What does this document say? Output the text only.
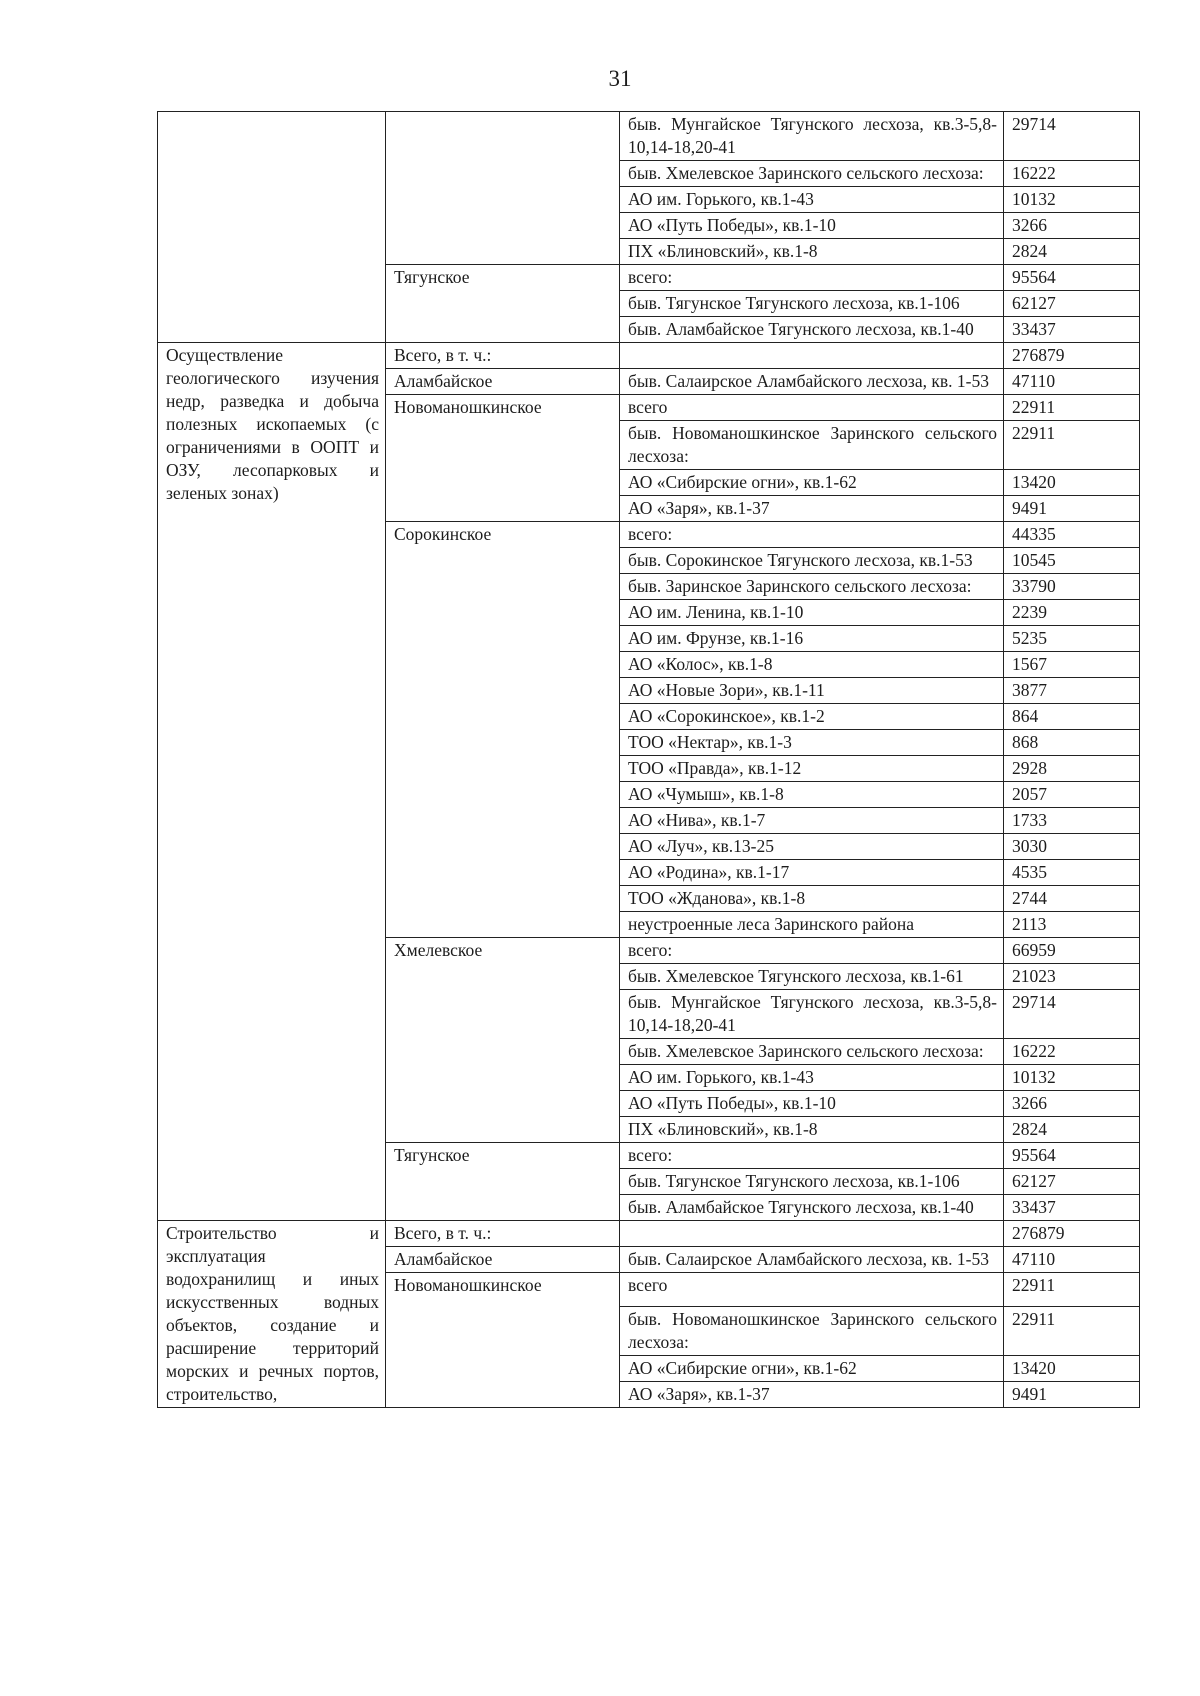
31
		быв. Мунгайское Тягунского лесхоза, кв.3-5,8-10,14-18,20-41	29714
		быв. Хмелевское Заринского сельского лесхоза:	16222
		АО им. Горького, кв.1-43	10132
		АО «Путь Победы», кв.1-10	3266
		ПХ «Блиновский», кв.1-8	2824
	Тягунское	всего:	95564
		быв. Тягунское Тягунского лесхоза, кв.1-106	62127
		быв. Аламбайское Тягунского лесхоза, кв.1-40	33437
Осуществление геологического изучения недр, разведка и добыча полезных ископаемых (с ограничениями в ООПТ и ОЗУ, лесопарковых и зеленых зонах)	Всего, в т. ч.:		276879
	Аламбайское	быв. Салаирское Аламбайского лесхоза, кв. 1-53	47110
	Новоманошкинское	всего	22911
		быв. Новоманошкинское Заринского сельского лесхоза:	22911
		АО «Сибирские огни», кв.1-62	13420
		АО «Заря», кв.1-37	9491
	Сорокинское	всего:	44335
		быв. Сорокинское Тягунского лесхоза, кв.1-53	10545
		быв. Заринское Заринского сельского лесхоза:	33790
		АО им. Ленина, кв.1-10	2239
		АО им. Фрунзе, кв.1-16	5235
		АО «Колос», кв.1-8	1567
		АО «Новые Зори», кв.1-11	3877
		АО «Сорокинское», кв.1-2	864
		ТОО «Нектар», кв.1-3	868
		ТОО «Правда», кв.1-12	2928
		АО «Чумыш», кв.1-8	2057
		АО «Нива», кв.1-7	1733
		АО «Луч», кв.13-25	3030
		АО «Родина», кв.1-17	4535
		ТОО «Жданова», кв.1-8	2744
		неустроенные леса Заринского района	2113
	Хмелевское	всего:	66959
		быв. Хмелевское Тягунского лесхоза, кв.1-61	21023
		быв. Мунгайское Тягунского лесхоза, кв.3-5,8-10,14-18,20-41	29714
		быв. Хмелевское Заринского сельского лесхоза:	16222
		АО им. Горького, кв.1-43	10132
		АО «Путь Победы», кв.1-10	3266
		ПХ «Блиновский», кв.1-8	2824
	Тягунское	всего:	95564
		быв. Тягунское Тягунского лесхоза, кв.1-106	62127
		быв. Аламбайское Тягунского лесхоза, кв.1-40	33437
Строительство и эксплуатация водохранилищ и иных искусственных водных объектов, создание и расширение территорий морских и речных портов, строительство,	Всего, в т. ч.:		276879
	Аламбайское	быв. Салаирское Аламбайского лесхоза, кв. 1-53	47110
	Новоманошкинское	всего	22911
		быв. Новоманошкинское Заринского сельского лесхоза:	22911
		АО «Сибирские огни», кв.1-62	13420
		АО «Заря», кв.1-37	9491
